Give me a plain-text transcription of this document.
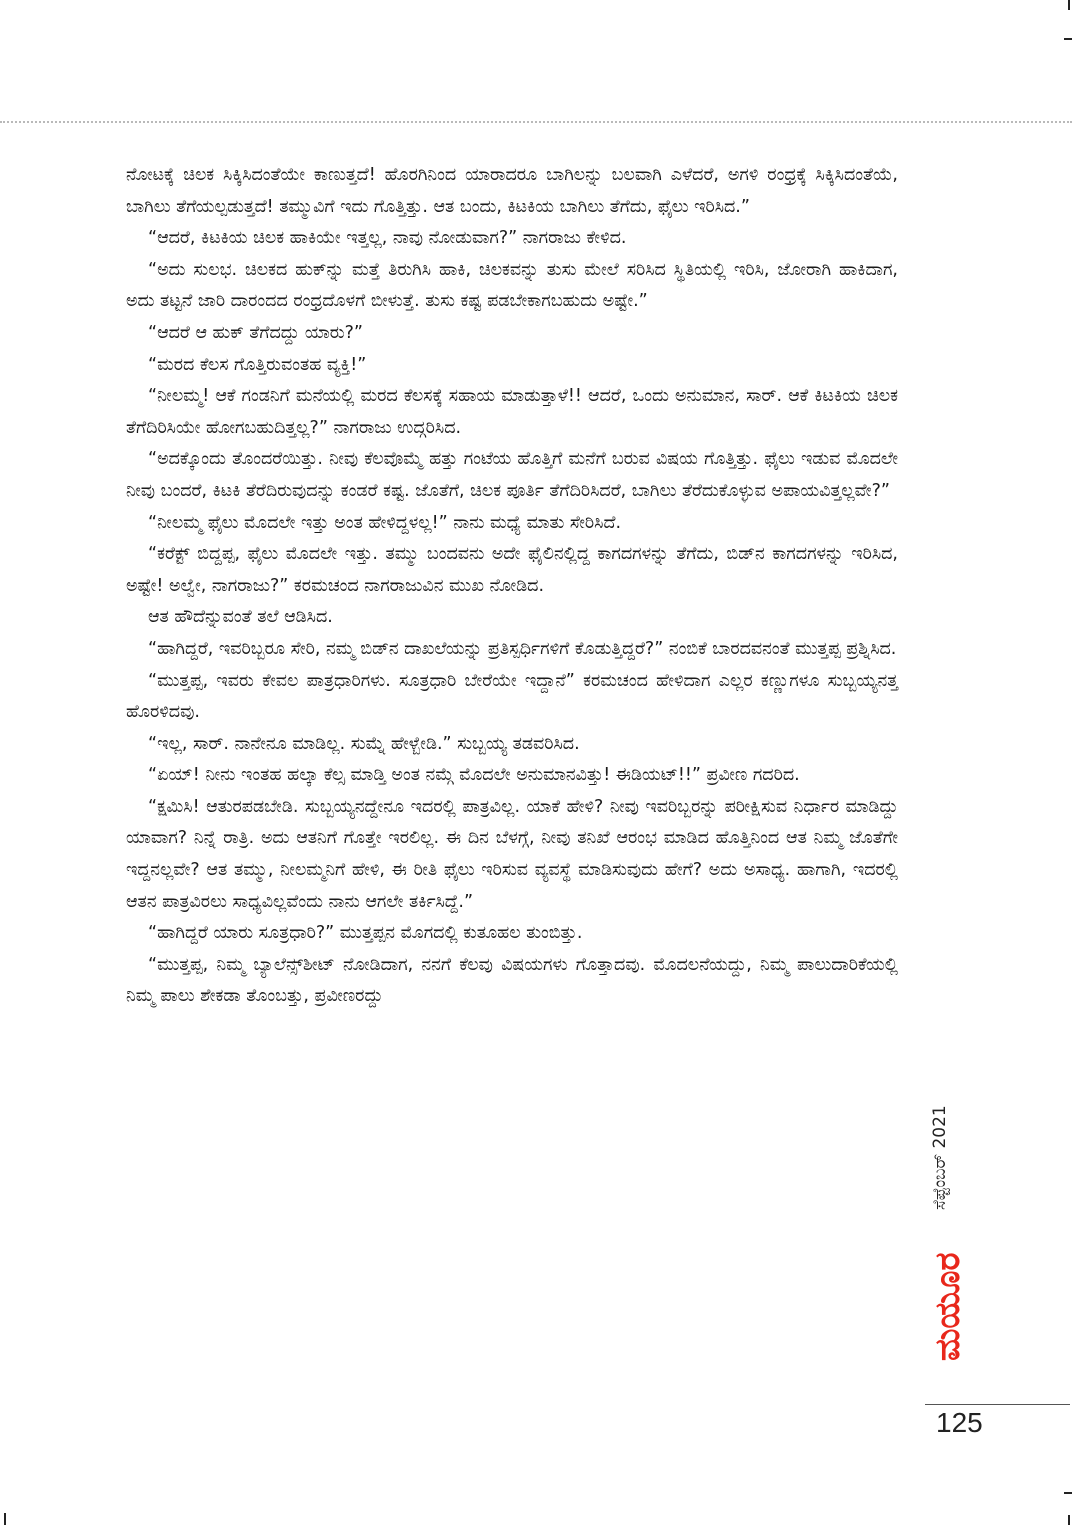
ನೋಟಕ್ಕೆ ಚಿಲಕ ಸಿಕ್ಕಿಸಿದಂತೆಯೇ ಕಾಣುತ್ತದೆ! ಹೊರಗಿನಿಂದ ಯಾರಾದರೂ ಬಾಗಿಲನ್ನು ಬಲವಾಗಿ ಎಳೆದರೆ, ಅಗಳಿ ರಂಧ್ರಕ್ಕೆ ಸಿಕ್ಕಿಸಿದಂತೆಯೆ, ಬಾಗಿಲು ತೆಗೆಯಲ್ಪಡುತ್ತದೆ! ತಮ್ಮುವಿಗೆ ಇದು ಗೊತ್ತಿತ್ತು. ಆತ ಬಂದು, ಕಿಟಕಿಯ ಬಾಗಿಲು ತೆಗೆದು, ಫೈಲು ಇರಿಸಿದ.”

“ಆದರೆ, ಕಿಟಕಿಯ ಚಿಲಕ ಹಾಕಿಯೇ ಇತ್ತಲ್ಲ, ನಾವು ನೋಡುವಾಗ?” ನಾಗರಾಜು ಕೇಳಿದ.

“ಅದು ಸುಲಭ. ಚಿಲಕದ ಹುಕ್‌ನ್ನು ಮತ್ತೆ ತಿರುಗಿಸಿ ಹಾಕಿ, ಚಿಲಕವನ್ನು ತುಸು ಮೇಲೆ ಸರಿಸಿದ ಸ್ಥಿತಿಯಲ್ಲಿ ಇರಿಸಿ, ಜೋರಾಗಿ ಹಾಕಿದಾಗ, ಅದು ತಟ್ಟನೆ ಜಾರಿ ದಾರಂದದ ರಂಧ್ರದೊಳಗೆ ಬೀಳುತ್ತೆ. ತುಸು ಕಷ್ಟ ಪಡಬೇಕಾಗಬಹುದು ಅಷ್ಟೇ.”

“ಆದರೆ ಆ ಹುಕ್ ತೆಗೆದದ್ದು ಯಾರು?”

“ಮರದ ಕೆಲಸ ಗೊತ್ತಿರುವಂತಹ ವ್ಯಕ್ತಿ!”

“ನೀಲಮ್ಮ! ಆಕೆ ಗಂಡನಿಗೆ ಮನೆಯಲ್ಲಿ ಮರದ ಕೆಲಸಕ್ಕೆ ಸಹಾಯ ಮಾಡುತ್ತಾಳೆ!! ಆದರೆ, ಒಂದು ಅನುಮಾನ, ಸಾರ್. ಆಕೆ ಕಿಟಕಿಯ ಚಿಲಕ ತೆಗೆದಿರಿಸಿಯೇ ಹೋಗಬಹುದಿತ್ತಲ್ಲ?” ನಾಗರಾಜು ಉದ್ಗರಿಸಿದ.

“ಅದಕ್ಕೊಂದು ತೊಂದರೆಯಿತ್ತು. ನೀವು ಕೆಲವೊಮ್ಮೆ ಹತ್ತು ಗಂಟೆಯ ಹೊತ್ತಿಗೆ ಮನೆಗೆ ಬರುವ ವಿಷಯ ಗೊತ್ತಿತ್ತು. ಫೈಲು ಇಡುವ ಮೊದಲೇ ನೀವು ಬಂದರೆ, ಕಿಟಕಿ ತೆರೆದಿರುವುದನ್ನು ಕಂಡರೆ ಕಷ್ಟ. ಜೊತೆಗೆ, ಚಿಲಕ ಪೂರ್ತಿ ತೆಗೆದಿರಿಸಿದರೆ, ಬಾಗಿಲು ತೆರೆದುಕೊಳ್ಳುವ ಅಪಾಯವಿತ್ತಲ್ಲವೇ?”

“ನೀಲಮ್ಮ ಫೈಲು ಮೊದಲೇ ಇತ್ತು ಅಂತ ಹೇಳಿದ್ದಳಲ್ಲ!” ನಾನು ಮಧ್ಯೆ ಮಾತು ಸೇರಿಸಿದೆ.

“ಕರೆಕ್ಟ್ ಬಿದ್ದಪ್ಪ, ಫೈಲು ಮೊದಲೇ ಇತ್ತು. ತಮ್ಮು ಬಂದವನು ಅದೇ ಫೈಲಿನಲ್ಲಿದ್ದ ಕಾಗದಗಳನ್ನು ತೆಗೆದು, ಬಿಡ್‌ನ ಕಾಗದಗಳನ್ನು ಇರಿಸಿದ, ಅಷ್ಟೇ! ಅಲ್ವೇ, ನಾಗರಾಜು?” ಕರಮಚಂದ ನಾಗರಾಜುವಿನ ಮುಖ ನೋಡಿದ.

ಆತ ಹೌದೆನ್ನುವಂತೆ ತಲೆ ಆಡಿಸಿದ.

“ಹಾಗಿದ್ದರೆ, ಇವರಿಬ್ಬರೂ ಸೇರಿ, ನಮ್ಮ ಬಿಡ್‌ನ ದಾಖಲೆಯನ್ನು ಪ್ರತಿಸ್ಪರ್ಧಿಗಳಿಗೆ ಕೊಡುತ್ತಿದ್ದರೆ?” ನಂಬಿಕೆ ಬಾರದವನಂತೆ ಮುತ್ತಪ್ಪ ಪ್ರಶ್ನಿಸಿದ.

“ಮುತ್ತಪ್ಪ, ಇವರು ಕೇವಲ ಪಾತ್ರಧಾರಿಗಳು. ಸೂತ್ರಧಾರಿ ಬೇರೆಯೇ ಇದ್ದಾನೆ” ಕರಮಚಂದ ಹೇಳಿದಾಗ ಎಲ್ಲರ ಕಣ್ಣುಗಳೂ ಸುಬ್ಬಯ್ಯನತ್ತ ಹೊರಳಿದವು.

“ಇಲ್ಲ, ಸಾರ್. ನಾನೇನೂ ಮಾಡಿಲ್ಲ. ಸುಮ್ನೆ ಹೇಳ್ಬೇಡಿ.” ಸುಬ್ಬಯ್ಯ ತಡವರಿಸಿದ.

“ಏಯ್! ನೀನು ಇಂತಹ ಹಲ್ಕಾ ಕೆಲ್ಸ ಮಾಡ್ತಿ ಅಂತ ನಮ್ಗೆ ಮೊದಲೇ ಅನುಮಾನವಿತ್ತು! ಈಡಿಯಟ್!!” ಪ್ರವೀಣ ಗದರಿದ.

“ಕ್ಷಮಿಸಿ! ಆತುರಪಡಬೇಡಿ. ಸುಬ್ಬಯ್ಯನದ್ದೇನೂ ಇದರಲ್ಲಿ ಪಾತ್ರವಿಲ್ಲ. ಯಾಕೆ ಹೇಳಿ? ನೀವು ಇವರಿಬ್ಬರನ್ನು ಪರೀಕ್ಷಿಸುವ ನಿರ್ಧಾರ ಮಾಡಿದ್ದು ಯಾವಾಗ? ನಿನ್ನೆ ರಾತ್ರಿ. ಅದು ಆತನಿಗೆ ಗೊತ್ತೇ ಇರಲಿಲ್ಲ. ಈ ದಿನ ಬೆಳಗ್ಗೆ, ನೀವು ತನಿಖೆ ಆರಂಭ ಮಾಡಿದ ಹೊತ್ತಿನಿಂದ ಆತ ನಿಮ್ಮ ಜೊತೆಗೇ ಇದ್ದನಲ್ಲವೇ? ಆತ ತಮ್ಮು, ನೀಲಮ್ಮನಿಗೆ ಹೇಳಿ, ಈ ರೀತಿ ಫೈಲು ಇರಿಸುವ ವ್ಯವಸ್ಥೆ ಮಾಡಿಸುವುದು ಹೇಗೆ? ಅದು ಅಸಾಧ್ಯ. ಹಾಗಾಗಿ, ಇದರಲ್ಲಿ ಆತನ ಪಾತ್ರವಿರಲು ಸಾಧ್ಯವಿಲ್ಲವೆಂದು ನಾನು ಆಗಲೇ ತರ್ಕಿಸಿದ್ದೆ.”

“ಹಾಗಿದ್ದರೆ ಯಾರು ಸೂತ್ರಧಾರಿ?” ಮುತ್ತಪ್ಪನ ಮೊಗದಲ್ಲಿ ಕುತೂಹಲ ತುಂಬಿತ್ತು.

“ಮುತ್ತಪ್ಪ, ನಿಮ್ಮ ಬ್ಯಾಲೆನ್ಸ್‌ಶೀಟ್ ನೋಡಿದಾಗ, ನನಗೆ ಕೆಲವು ವಿಷಯಗಳು ಗೊತ್ತಾದವು. ಮೊದಲನೆಯದ್ದು, ನಿಮ್ಮ ಪಾಲುದಾರಿಕೆಯಲ್ಲಿ ನಿಮ್ಮ ಪಾಲು ಶೇಕಡಾ ತೊಂಬತ್ತು, ಪ್ರವೀಣರದ್ದು

ಸೆಪ್ಟೆಂಬರ್ 2021
ಮಯೂರ
125
